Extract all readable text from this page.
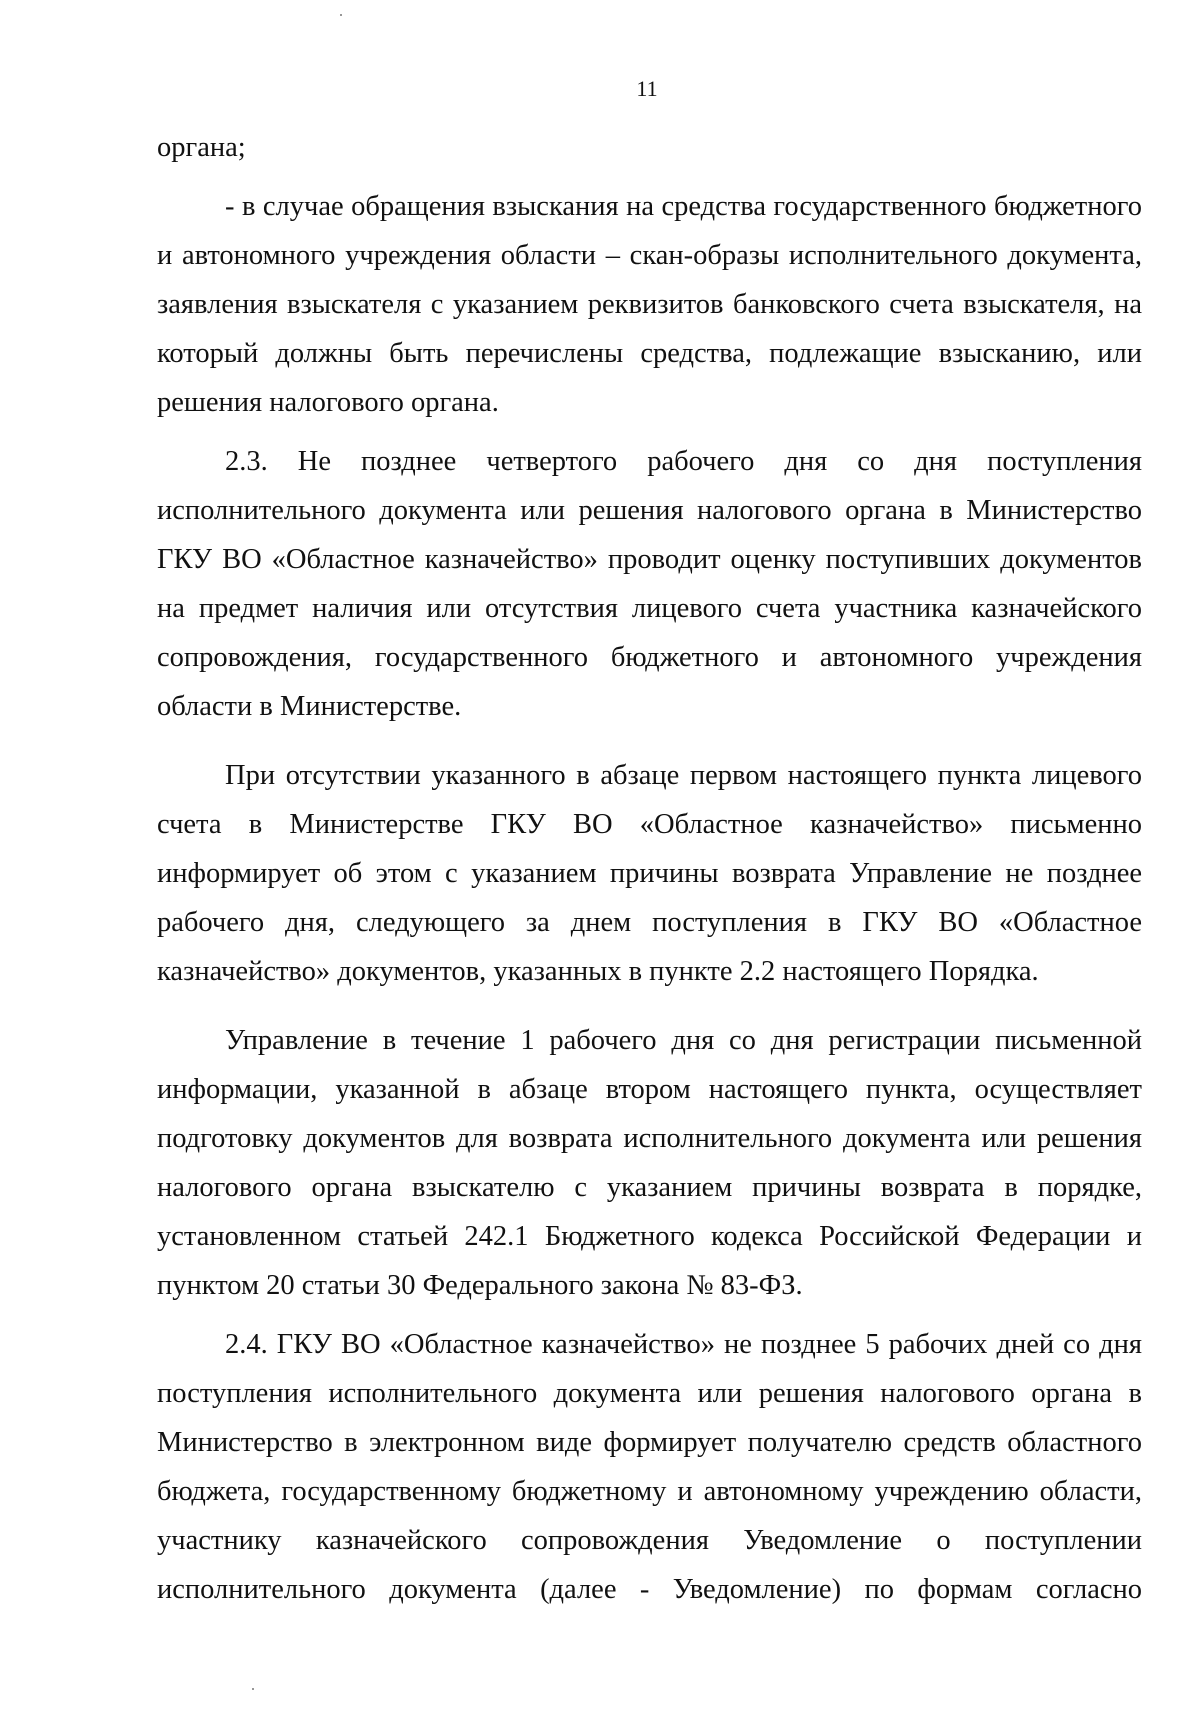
11

органа;

- в случае обращения взыскания на средства государственного бюджетного и автономного учреждения области – скан-образы исполнительного документа, заявления взыскателя с указанием реквизитов банковского счета взыскателя, на который должны быть перечислены средства, подлежащие взысканию, или решения налогового органа.

2.3. Не позднее четвертого рабочего дня со дня поступления исполнительного документа или решения налогового органа в Министерство ГКУ ВО «Областное казначейство» проводит оценку поступивших документов на предмет наличия или отсутствия лицевого счета участника казначейского сопровождения, государственного бюджетного и автономного учреждения области в Министерстве.

При отсутствии указанного в абзаце первом настоящего пункта лицевого счета в Министерстве ГКУ ВО «Областное казначейство» письменно информирует об этом с указанием причины возврата Управление не позднее рабочего дня, следующего за днем поступления в ГКУ ВО «Областное казначейство» документов, указанных в пункте 2.2 настоящего Порядка.

Управление в течение 1 рабочего дня со дня регистрации письменной информации, указанной в абзаце втором настоящего пункта, осуществляет подготовку документов для возврата исполнительного документа или решения налогового органа взыскателю с указанием причины возврата в порядке, установленном статьей 242.1 Бюджетного кодекса Российской Федерации и пунктом 20 статьи 30 Федерального закона № 83-ФЗ.

2.4. ГКУ ВО «Областное казначейство» не позднее 5 рабочих дней со дня поступления исполнительного документа или решения налогового органа в Министерство в электронном виде формирует получателю средств областного бюджета, государственному бюджетному и автономному учреждению области, участнику казначейского сопровождения Уведомление о поступлении исполнительного документа (далее - Уведомление) по формам согласно
